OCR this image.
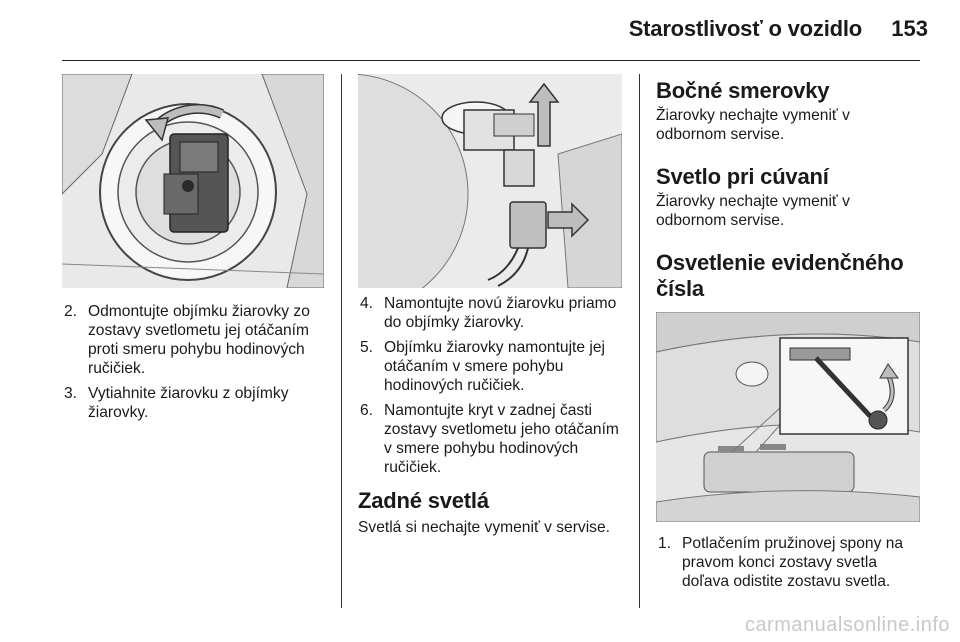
Starostlivosť o vozidlo	153
2. Odmontujte objímku žiarovky zo zostavy svetlometu jej otáčaním proti smeru pohybu hodinových ručičiek.
3. Vytiahnite žiarovku z objímky žiarovky.
4. Namontujte novú žiarovku priamo do objímky žiarovky.
5. Objímku žiarovky namontujte jej otáčaním v smere pohybu hodinových ručičiek.
6. Namontujte kryt v zadnej časti zostavy svetlometu jeho otáčaním v smere pohybu hodinových ručičiek.
Zadné svetlá
Svetlá si nechajte vymeniť v servise.
Bočné smerovky
Žiarovky nechajte vymeniť v odbornom servise.
Svetlo pri cúvaní
Žiarovky nechajte vymeniť v odbornom servise.
Osvetlenie evidenčného čísla
1. Potlačením pružinovej spony na pravom konci zostavy svetla doľava odistite zostavu svetla.
carmanualsonline.info
